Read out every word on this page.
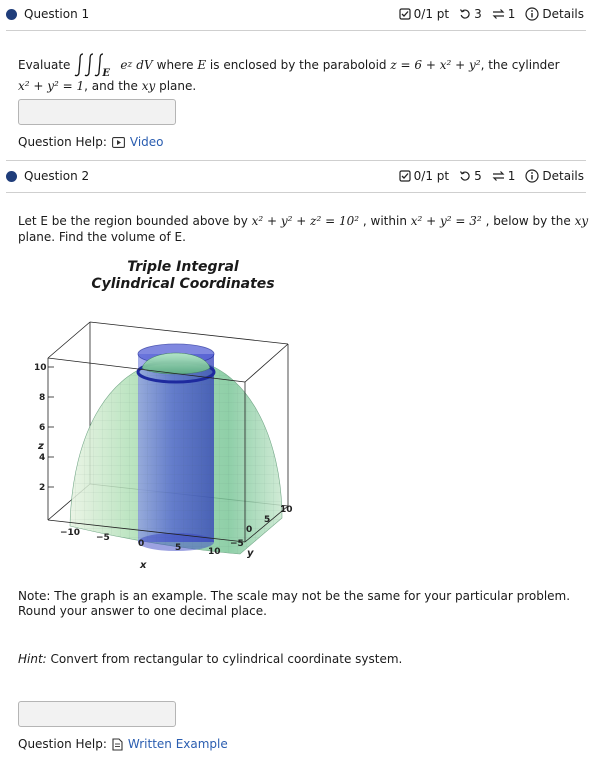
Question 1	0/1 pt 3 1 Details
Evaluate
E
e z dV where
E
is enclosed by the paraboloid
z = 6 + x² + y² , the cylinder
x² + y² = 1, and the xy plane.
Question Help: Video
Question 2	0/1 pt 5 1 Details
Let E be the region bounded above by x² + y² + z² = 10² , within x² + y² = 3² , below by the xy
plane. Find the volume of E.
Triple Integral
Cylindrical Coordinates
10
8
6
4
2
z
−10 −5
0	5	10
x
−5
0
5
10
y
Note: The graph is an example. The scale may not be the same for your particular problem. Round your answer to one decimal place.
Hint: Convert from rectangular to cylindrical coordinate system.
Question Help: Written Example
